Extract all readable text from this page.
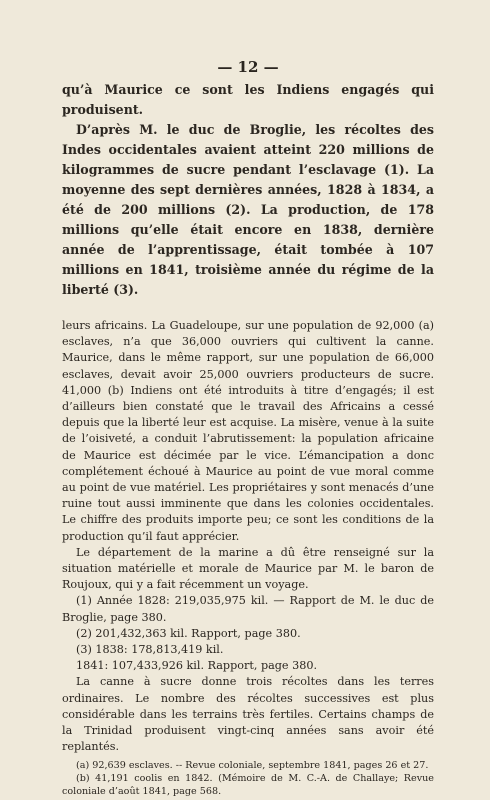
— 12 —

qu’à Maurice ce sont les Indiens engagés qui produisent.

D’après M. le duc de Broglie, les récoltes des Indes occidentales avaient atteint 220 millions de kilogrammes de sucre pendant l’esclavage (1). La moyenne des sept dernières années, 1828 à 1834, a été de 200 millions (2). La production, de 178 millions qu’elle était encore en 1838, dernière année de l’apprentissage, était tombée à 107 millions en 1841, troisième année du régime de la liberté (3).

leurs africains. La Guadeloupe, sur une population de 92,000 (a) esclaves, n’a que 36,000 ouvriers qui cultivent la canne. Maurice, dans le même rapport, sur une population de 66,000 esclaves, devait avoir 25,000 ouvriers producteurs de sucre. 41,000 (b) Indiens ont été introduits à titre d’engagés; il est d’ailleurs bien constaté que le travail des Africains a cessé depuis que la liberté leur est acquise. La misère, venue à la suite de l’oisiveté, a conduit l’abrutissement: la population africaine de Maurice est décimée par le vice. L’émancipation a donc complétement échoué à Maurice au point de vue moral comme au point de vue matériel. Les propriétaires y sont menacés d’une ruine tout aussi imminente que dans les colonies occidentales. Le chiffre des produits importe peu; ce sont les conditions de la production qu’il faut apprécier.

Le département de la marine a dû être renseigné sur la situation matérielle et morale de Maurice par M. le baron de Roujoux, qui y a fait récemment un voyage.

(1) Année 1828: 219,035,975 kil. — Rapport de M. le duc de Broglie, page 380.

(2) 201,432,363 kil. Rapport, page 380.

(3) 1838: 178,813,419 kil.

1841: 107,433,926 kil. Rapport, page 380.

La canne à sucre donne trois récoltes dans les terres ordinaires. Le nombre des récoltes successives est plus considérable dans les terrains très fertiles. Certains champs de la Trinidad produisent vingt-cinq années sans avoir été replantés.

(a) 92,639 esclaves. -- Revue coloniale, septembre 1841, pages 26 et 27.

(b) 41,191 coolis en 1842. (Mémoire de M. C.-A. de Challaye; Revue coloniale d’août 1841, page 568.
